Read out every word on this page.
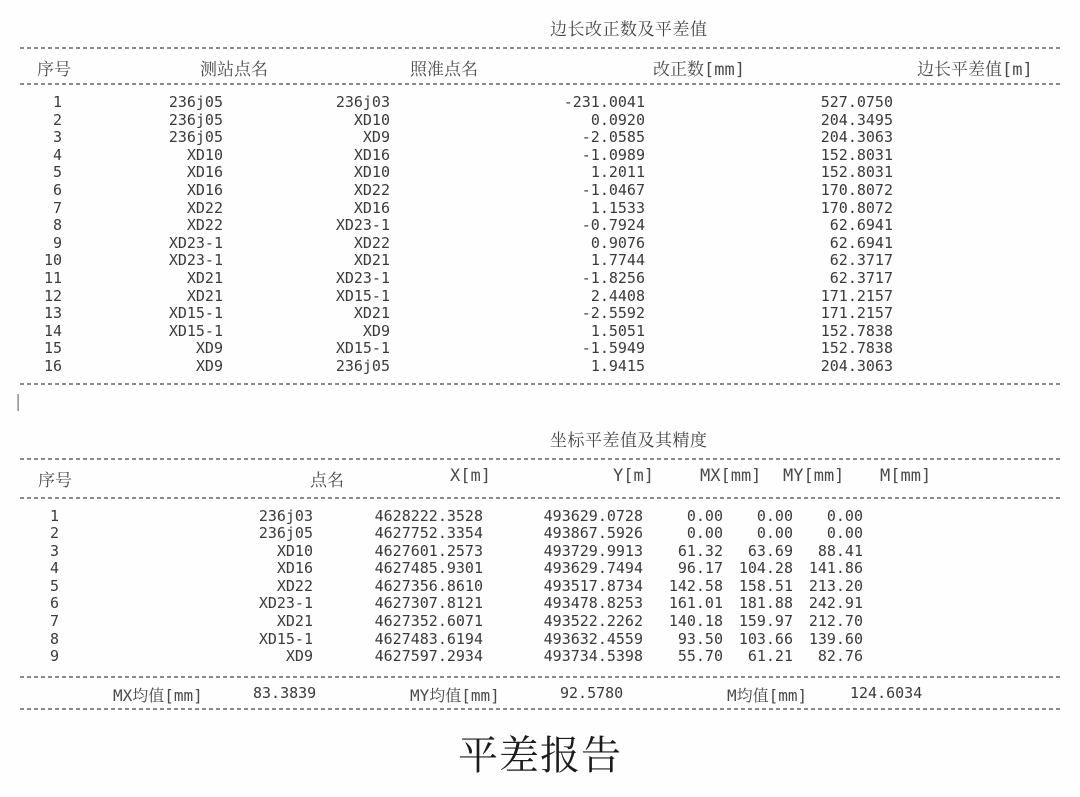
边长改正数及平差值
序号	测站点名	照准点名	改正数[mm]	边长平差值[m]
1	236j05	236j03	-231.0041	527.0750
2	236j05	XD10	0.0920	204.3495
3	236j05	XD9	-2.0585	204.3063
4	XD10	XD16	-1.0989	152.8031
5	XD16	XD10	1.2011	152.8031
6	XD16	XD22	-1.0467	170.8072
7	XD22	XD16	1.1533	170.8072
8	XD22	XD23-1	-0.7924	62.6941
9	XD23-1	XD22	0.9076	62.6941
10	XD23-1	XD21	1.7744	62.3717
11	XD21	XD23-1	-1.8256	62.3717
12	XD21	XD15-1	2.4408	171.2157
13	XD15-1	XD21	-2.5592	171.2157
14	XD15-1	XD9	1.5051	152.7838
15	XD9	XD15-1	-1.5949	152.7838
16	XD9	236j05	1.9415	204.3063
|
坐标平差值及其精度
序号	点名	X[m]	Y[m]	MX[mm] MY[mm] M[mm]
1	236j03	4628222.3528	493629.0728	0.00	0.00	0.00
2	236j05	4627752.3354	493867.5926	0.00	0.00	0.00
3	XD10	4627601.2573	493729.9913	61.32	63.69	88.41
4	XD16	4627485.9301	493629.7494	96.17	104.28	141.86
5	XD22	4627356.8610	493517.8734	142.58	158.51	213.20
6	XD23-1	4627307.8121	493478.8253	161.01	181.88	242.91
7	XD21	4627352.6071	493522.2262	140.18	159.97	212.70
8	XD15-1	4627483.6194	493632.4559	93.50	103.66	139.60
9	XD9	4627597.2934	493734.5398	55.70	61.21	82.76
MX均值[mm]	83.3839	MY均值[mm]	92.5780	M均值[mm]	124.6034
平差报告
